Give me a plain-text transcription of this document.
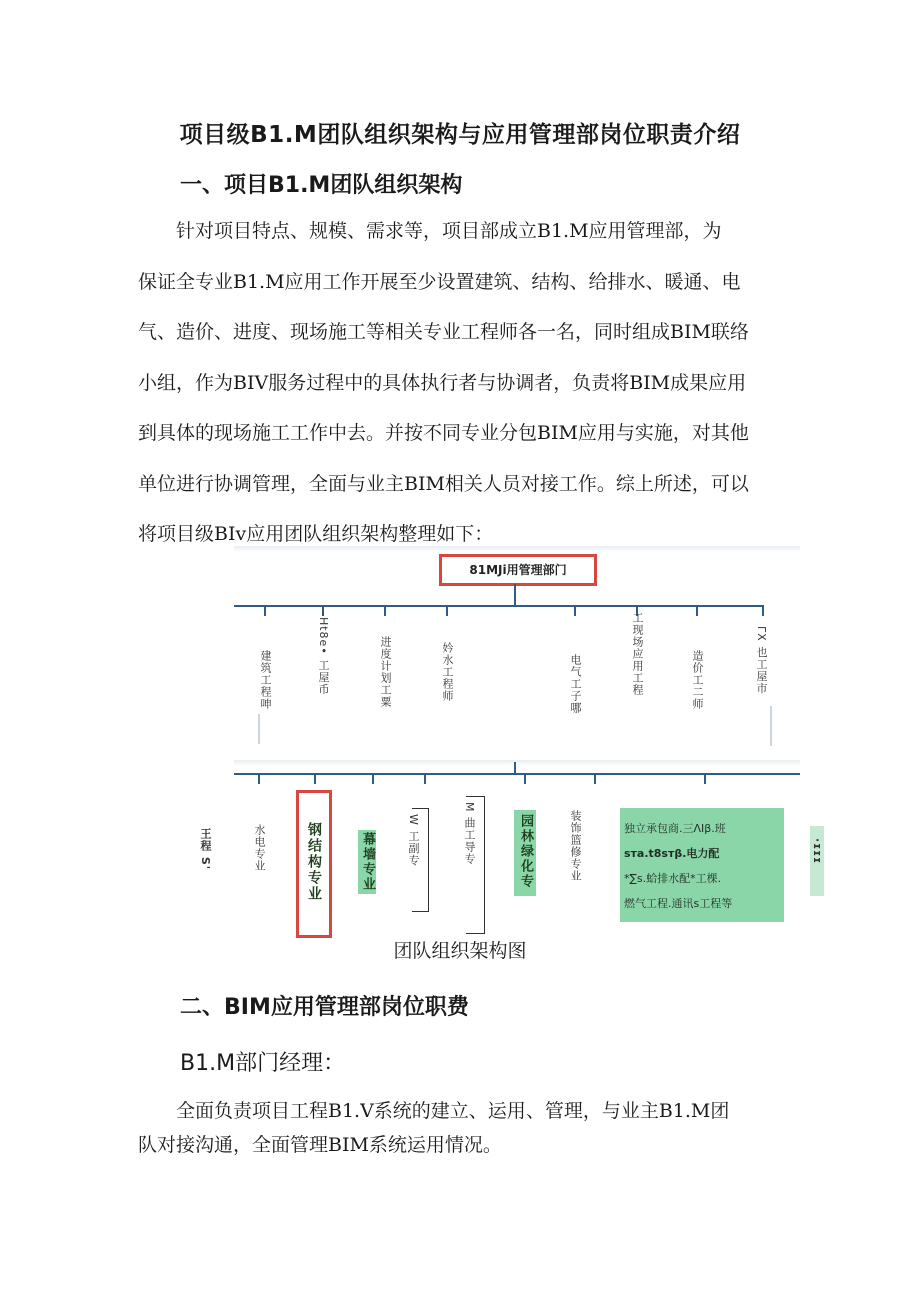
项目级B1.M团队组织架构与应用管理部岗位职责介绍
一、项目B1.M团队组织架构
针对项目特点、规模、需求等，项目部成立B1.M应用管理部，为
保证全专业B1.M应用工作开展至少设置建筑、结构、给排水、暖通、电
气、造价、进度、现场施工等相关专业工程师各一名，同时组成BIM联络
小组，作为BIV服务过程中的具体执行者与协调者，负责将BIM成果应用
到具体的现场施工工作中去。并按不同专业分包BIM应用与实施，对其他
单位进行协调管理，全面与业主BIM相关人员对接工作。综上所述，可以
将项目级BIv应用团队组织架构整理如下：
81MJi用管理部门
建筑工程呻	-Ht8e• 工屋币	进度计划工粟	妗水工程师	电气工子哪	工现场应用工程	造价工二师	ΓX 也工屋市
王程 S'	水电专业	钢结构专业	幕墙专业	W 工副专	M 曲工导专	园林绿化专	装饰篮修专业	独立承包商.三ΛIβ.班
sтa.t8sтβ.电力配
*∑s.蛤排水配*工棵.
燃气工程.通讯s工程等
·ɪɪɪ
团队组织架构图
二、BIM应用管理部岗位职费
B1.M部门经理：
全面负责项目工程B1.V系统的建立、运用、管理，与业主B1.M团
队对接沟通，全面管理BIM系统运用情况。
